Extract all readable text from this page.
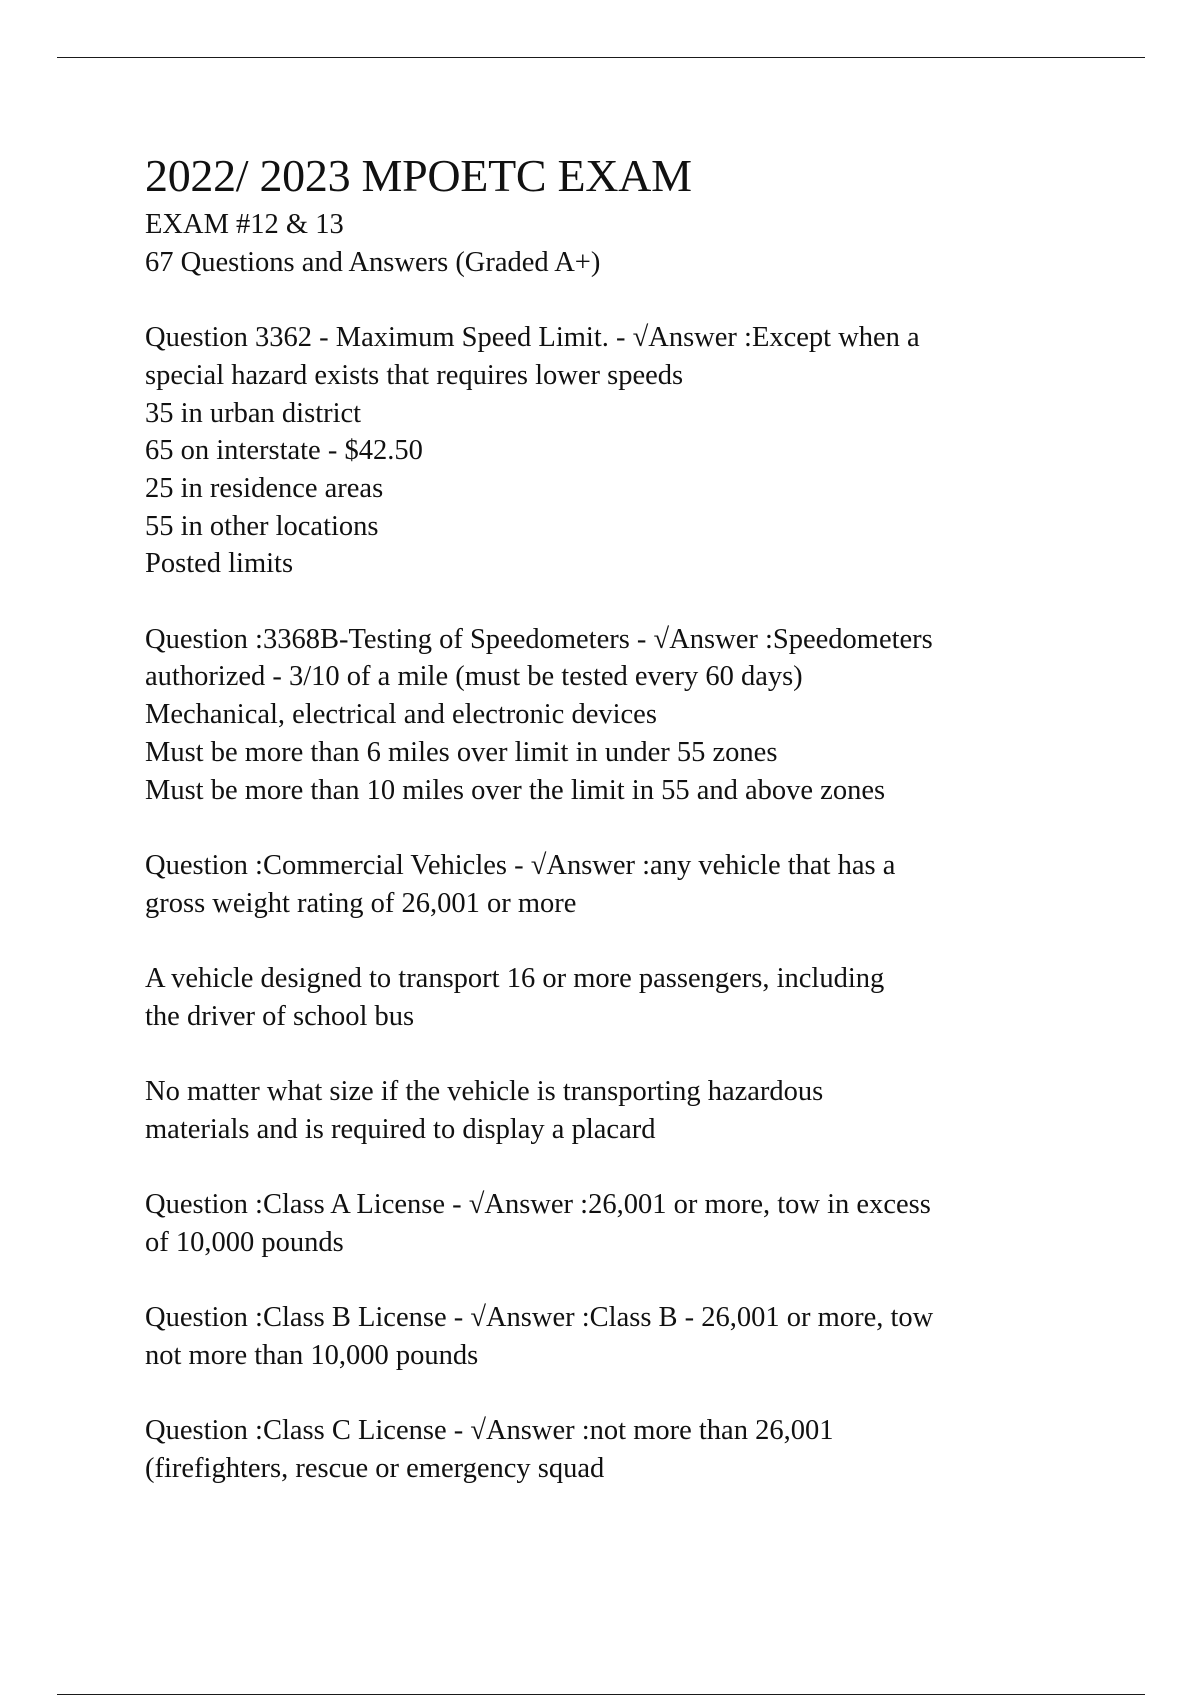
2022/ 2023 MPOETC EXAM

EXAM #12 & 13

67 Questions and Answers (Graded A+)

Question 3362 - Maximum Speed Limit. - √Answer :Except when a

special hazard exists that requires lower speeds

35 in urban district

65 on interstate - $42.50

25 in residence areas

55 in other locations

Posted limits

Question :3368B-Testing of Speedometers - √Answer :Speedometers

authorized - 3/10 of a mile (must be tested every 60 days)

Mechanical, electrical and electronic devices

Must be more than 6 miles over limit in under 55 zones

Must be more than 10 miles over the limit in 55 and above zones

Question :Commercial Vehicles - √Answer :any vehicle that has a

gross weight rating of 26,001 or more

A vehicle designed to transport 16 or more passengers, including

the driver of school bus

No matter what size if the vehicle is transporting hazardous

materials and is required to display a placard

Question :Class A License - √Answer :26,001 or more, tow in excess

of 10,000 pounds

Question :Class B License - √Answer :Class B - 26,001 or more, tow

not more than 10,000 pounds

Question :Class C License - √Answer :not more than 26,001

(firefighters, rescue or emergency squad
